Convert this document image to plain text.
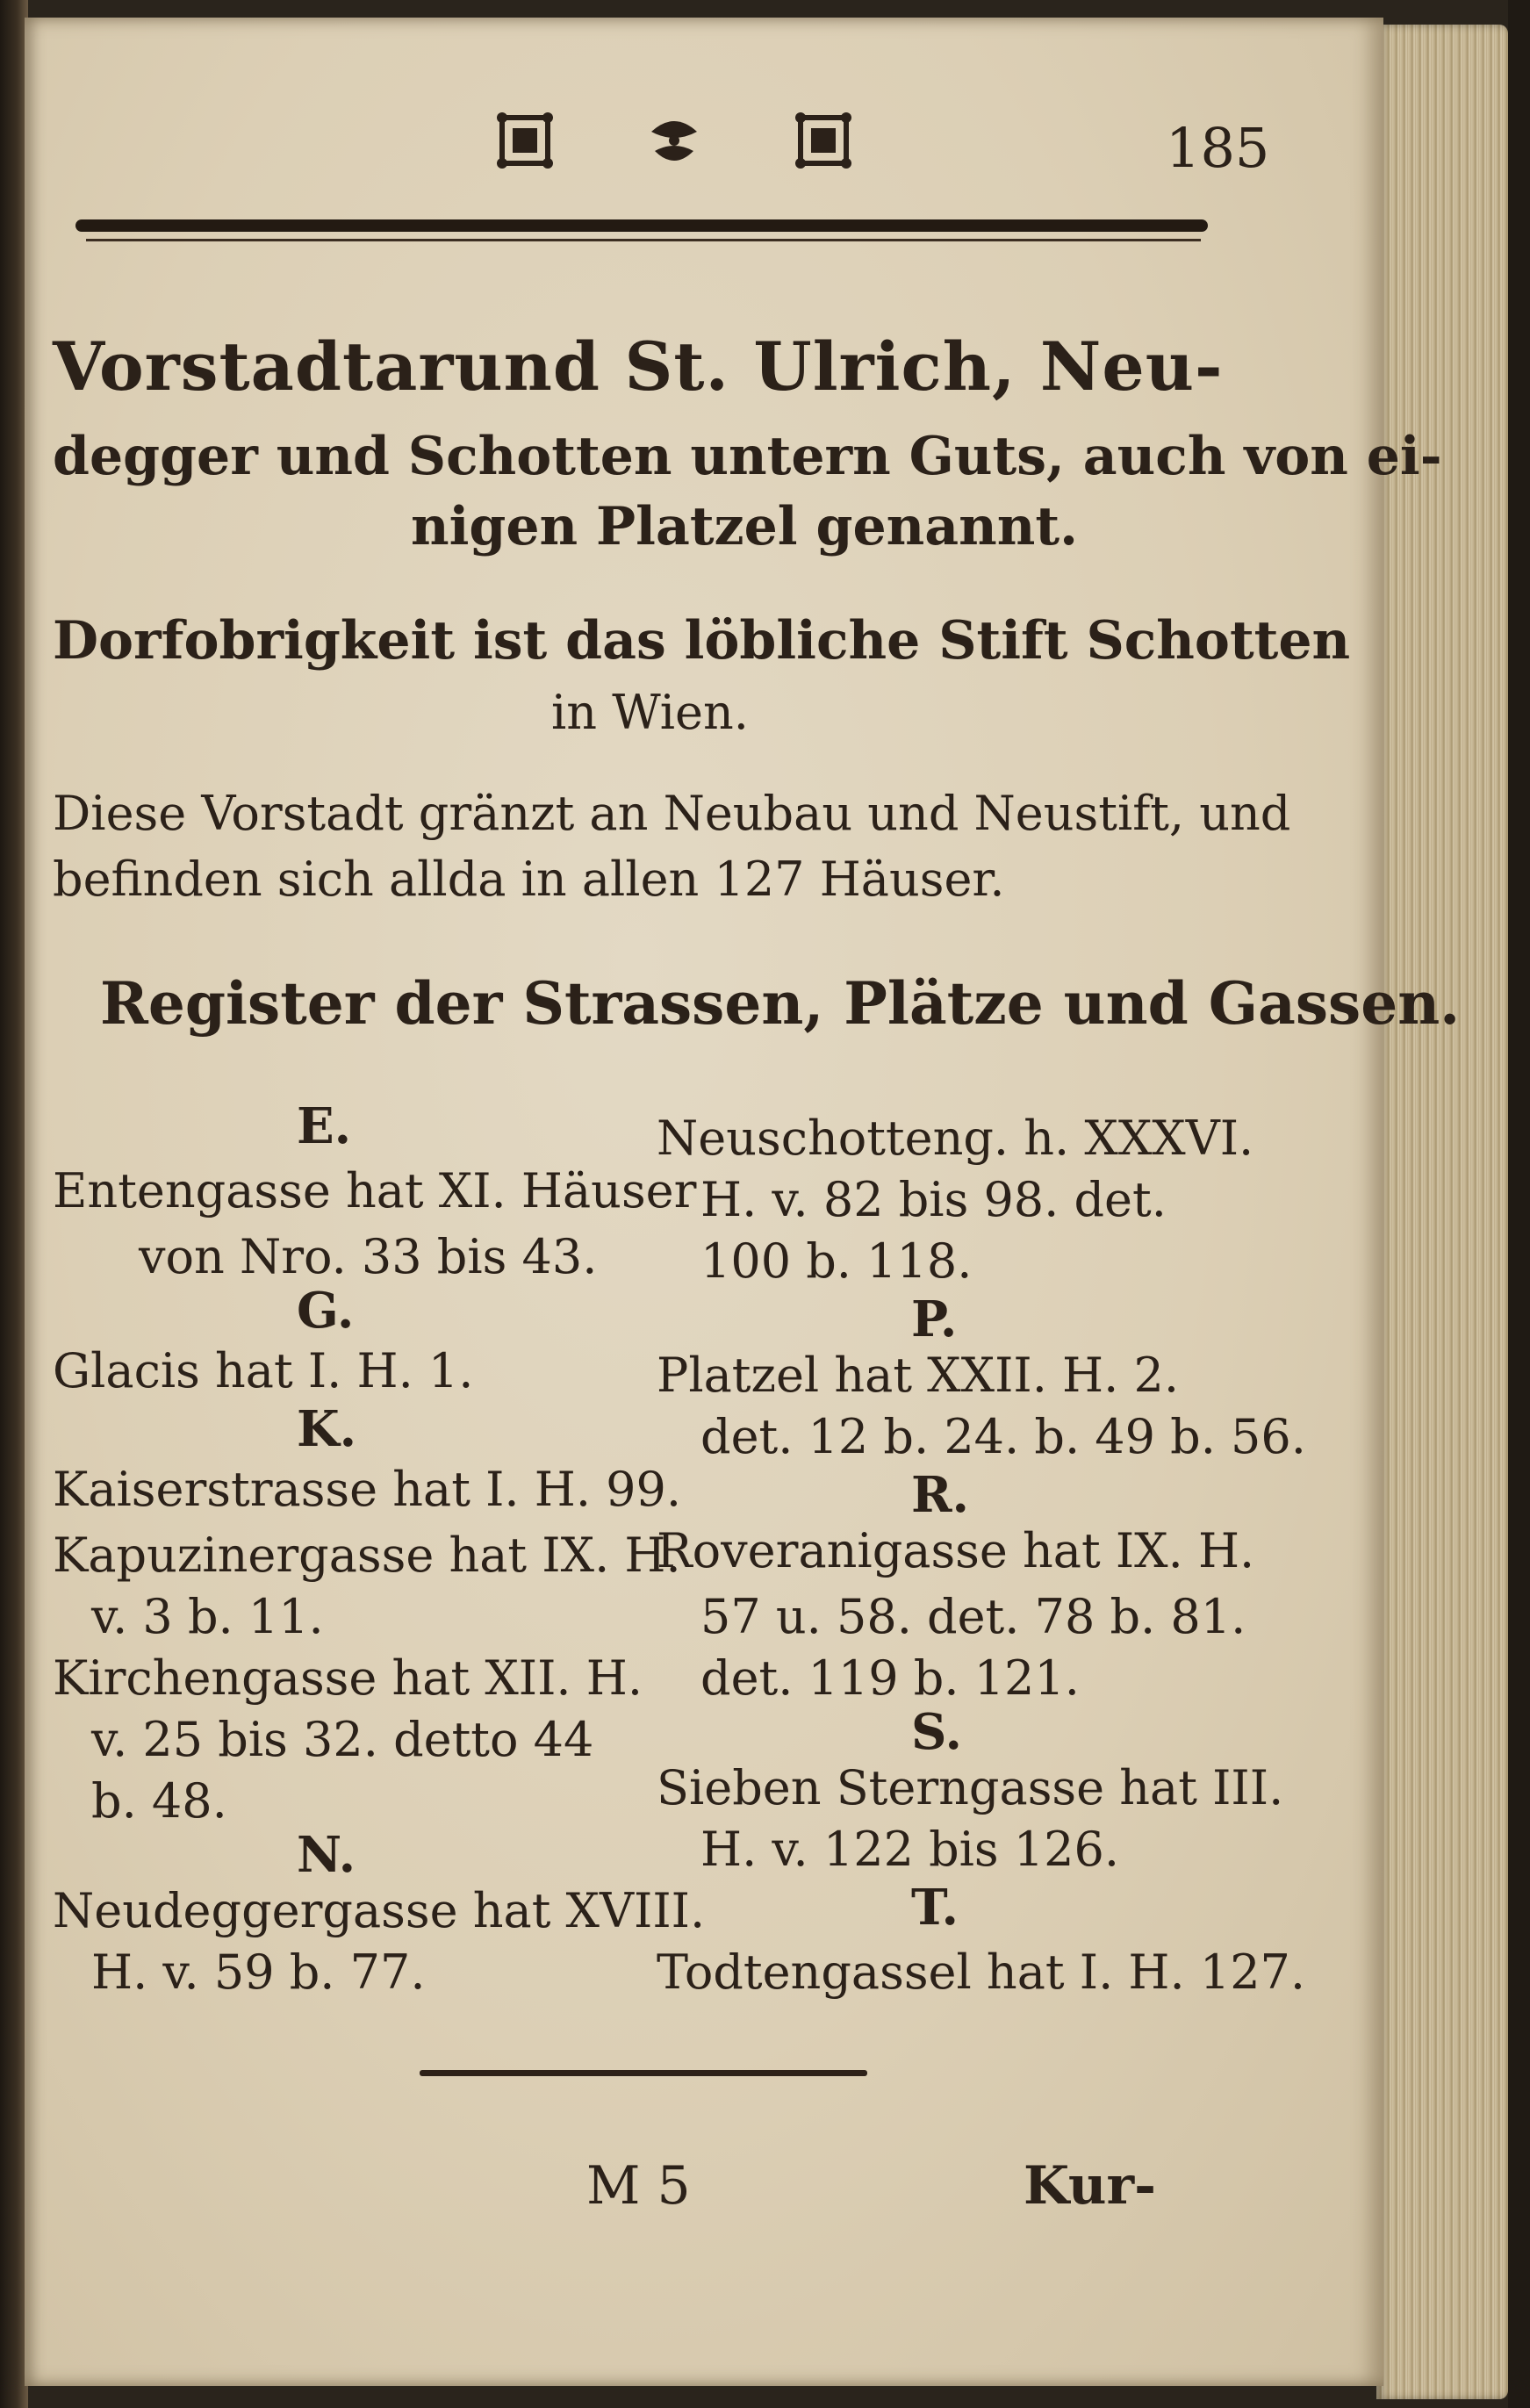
185
Vorstadtarund St. Ulrich, Neu-
degger und Schotten untern Guts, auch von ei-
nigen Platzel genannt.
Dorfobrigkeit ist das löbliche Stift Schotten
in Wien.
Diese Vorstadt gränzt an Neubau und Neustift, und
befinden sich allda in allen 127 Häuser.
Register der Strassen, Plätze und Gassen.
E.
Entengasse hat XI. Häuser
von Nro. 33 bis 43.
G.
Glacis hat I. H. 1.
K.
Kaiserstrasse hat I. H. 99.
Kapuzinergasse hat IX. H.
v. 3 b. 11.
Kirchengasse hat XII. H.
v. 25 bis 32. detto 44
b. 48.
N.
Neudeggergasse hat XVIII.
H. v. 59 b. 77.
Neuschotteng. h. XXXVI.
H. v. 82 bis 98. det.
100 b. 118.
P.
Platzel hat XXII. H. 2.
det. 12 b. 24. b. 49 b. 56.
R.
Roveranigasse hat IX. H.
57 u. 58. det. 78 b. 81.
det. 119 b. 121.
S.
Sieben Sterngasse hat III.
H. v. 122 bis 126.
T.
Todtengassel hat I. H. 127.
M 5	Kur-
